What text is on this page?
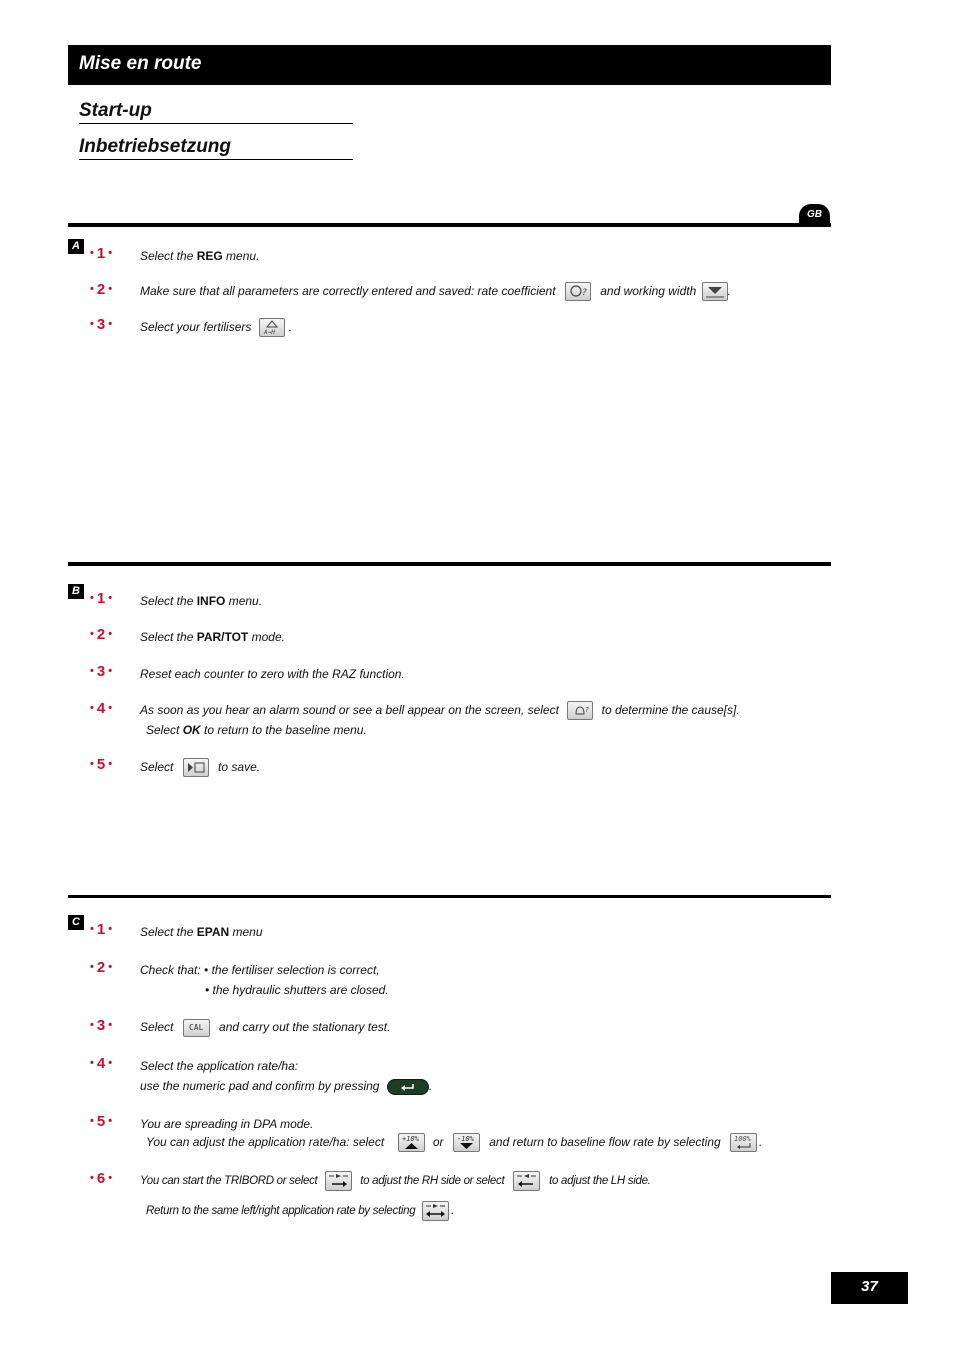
Mise en route
Start-up
Inbetriebsetzung
GB
A
• 1 •	Select the REG menu.
• 2 •	Make sure that all parameters are correctly entered and saved: rate coefficient	? and working width	.
• 3 •	Select your fertilisers A→H .
B
• 1 •	Select the INFO menu.
• 2 •	Select the PAR/TOT mode.
• 3 •	Reset each counter to zero with the RAZ function.
• 4 •	As soon as you hear an alarm sound or see a bell appear on the screen, select	? to determine the cause[s].
Select OK to return to the baseline menu.
• 5 •	Select	to save.
C
• 1 •	Select the EPAN menu
• 2 •	Check that: • the fertiliser selection is correct,
• the hydraulic shutters are closed.
• 3 •	Select CAL and carry out the stationary test.
• 4 •	Select the application rate/ha:
use the numeric pad and confirm by pressing	.
• 5 •	You are spreading in DPA mode.
You can adjust the application rate/ha: select +10% or -10% and return to baseline flow rate by selecting 100% .
• 6 •	You can start the TRIBORD or select	to adjust the RH side or select	to adjust the LH side.
Return to the same left/right application rate by selecting	.
37
